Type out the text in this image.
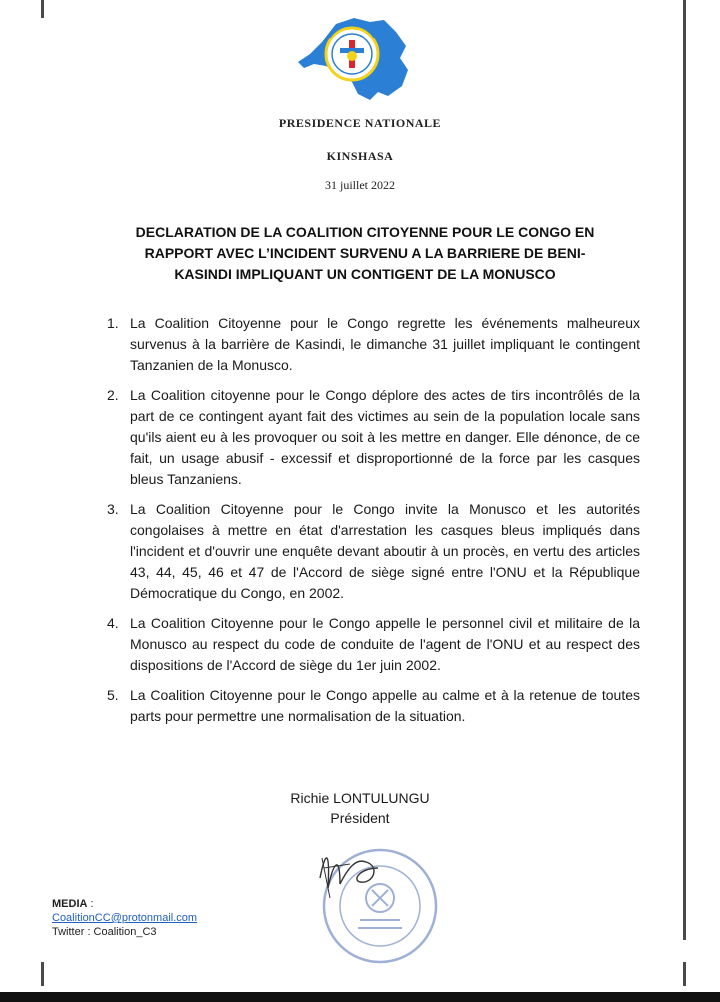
PRESIDENCE NATIONALE
KINSHASA
31 juillet 2022
DECLARATION DE LA COALITION CITOYENNE POUR LE CONGO EN
RAPPORT AVEC L’INCIDENT SURVENU A LA BARRIERE DE BENI-
KASINDI IMPLIQUANT UN CONTIGENT DE LA MONUSCO
1. La Coalition Citoyenne pour le Congo regrette les événements malheureux survenus à la barrière de Kasindi, le dimanche 31 juillet impliquant le contingent Tanzanien de la Monusco.
2. La Coalition citoyenne pour le Congo déplore des actes de tirs incontrôlés de la part de ce contingent ayant fait des victimes au sein de la population locale sans qu'ils aient eu à les provoquer ou soit à les mettre en danger. Elle dénonce, de ce fait, un usage abusif - excessif et disproportionné de la force par les casques bleus Tanzaniens.
3. La Coalition Citoyenne pour le Congo invite la Monusco et les autorités congolaises à mettre en état d'arrestation les casques bleus impliqués dans l'incident et d'ouvrir une enquête devant aboutir à un procès, en vertu des articles 43, 44, 45, 46 et 47 de l'Accord de siège signé entre l'ONU et la République Démocratique du Congo, en 2002.
4. La Coalition Citoyenne pour le Congo appelle le personnel civil et militaire de la Monusco au respect du code de conduite de l'agent de l'ONU et au respect des dispositions de l'Accord de siège du 1er juin 2002.
5. La Coalition Citoyenne pour le Congo appelle au calme et à la retenue de toutes parts pour permettre une normalisation de la situation.
Richie LONTULUNGU
Président
MEDIA :
CoalitionCC@protonmail.com
Twitter : Coalition_C3
